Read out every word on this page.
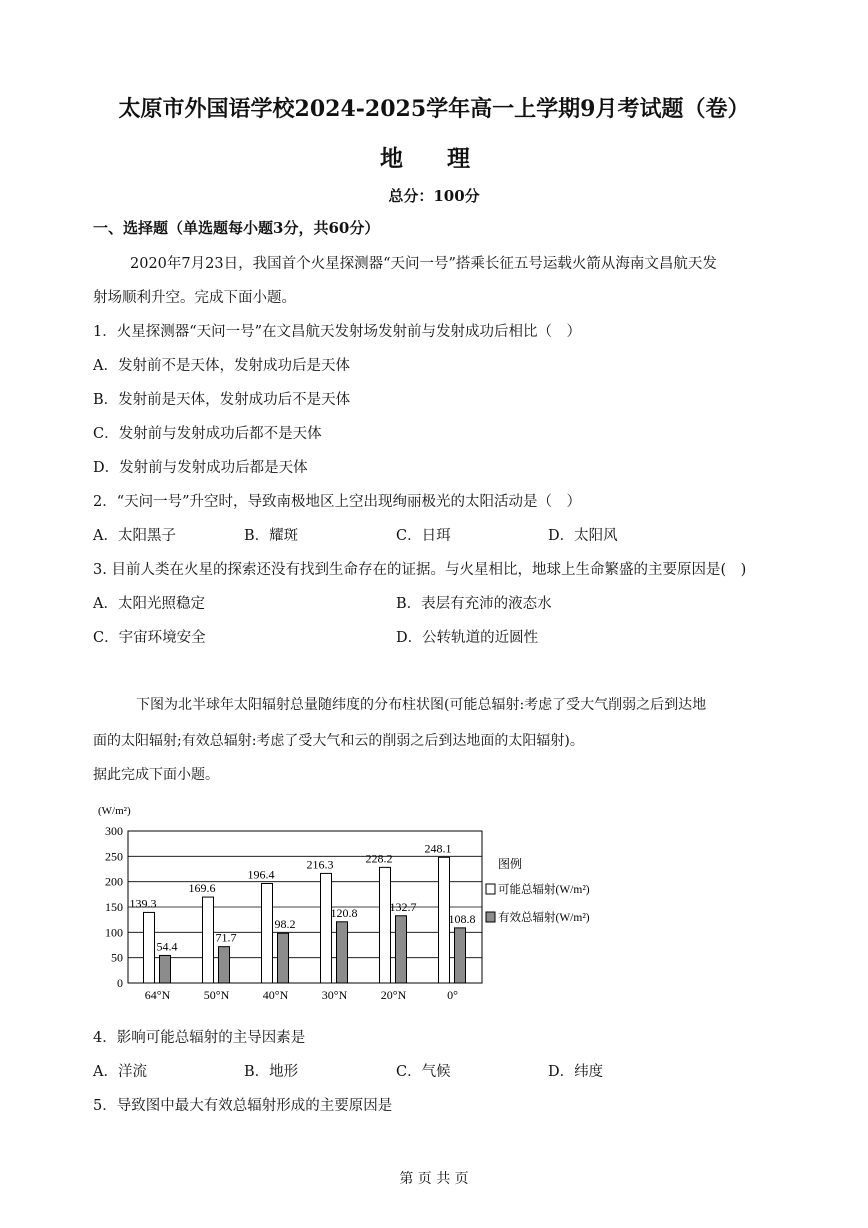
太原市外国语学校2024-2025学年高一上学期9月考试题（卷）
地 理
总分：100分
一、选择题（单选题每小题3分，共60分）
2020年7月23日，我国首个火星探测器“天问一号”搭乘长征五号运载火箭从海南文昌航天发
射场顺利升空。完成下面小题。
1．火星探测器“天问一号”在文昌航天发射场发射前与发射成功后相比（　）
A．发射前不是天体，发射成功后是天体
B．发射前是天体，发射成功后不是天体
C．发射前与发射成功后都不是天体
D．发射前与发射成功后都是天体
2．“天问一号”升空时，导致南极地区上空出现绚丽极光的太阳活动是（　）
A．太阳黑子	B．耀斑	C．日珥	D．太阳风
3. 目前人类在火星的探索还没有找到生命存在的证据。与火星相比，地球上生命繁盛的主要原因是(　)
A．太阳光照稳定	B．表层有充沛的液态水
C．宇宙环境安全	D．公转轨道的近圆性
下图为北半球年太阳辐射总量随纬度的分布柱状图(可能总辐射:考虑了受大气削弱之后到达地
面的太阳辐射;有效总辐射:考虑了受大气和云的削弱之后到达地面的太阳辐射)。
据此完成下面小题。
300
250
200
150
100
50
0
139.3
54.4
169.6
71.7
196.4
98.2
216.3
120.8
228.2
132.7
248.1
108.8
64°N	50°N	40°N	30°N	20°N	0°
图例
可能总辐射(W/m²)
有效总辐射(W/m²)
(W/m²)
4．影响可能总辐射的主导因素是
A．洋流	B．地形	C．气候	D．纬度
5．导致图中最大有效总辐射形成的主要原因是
第 页 共 页
